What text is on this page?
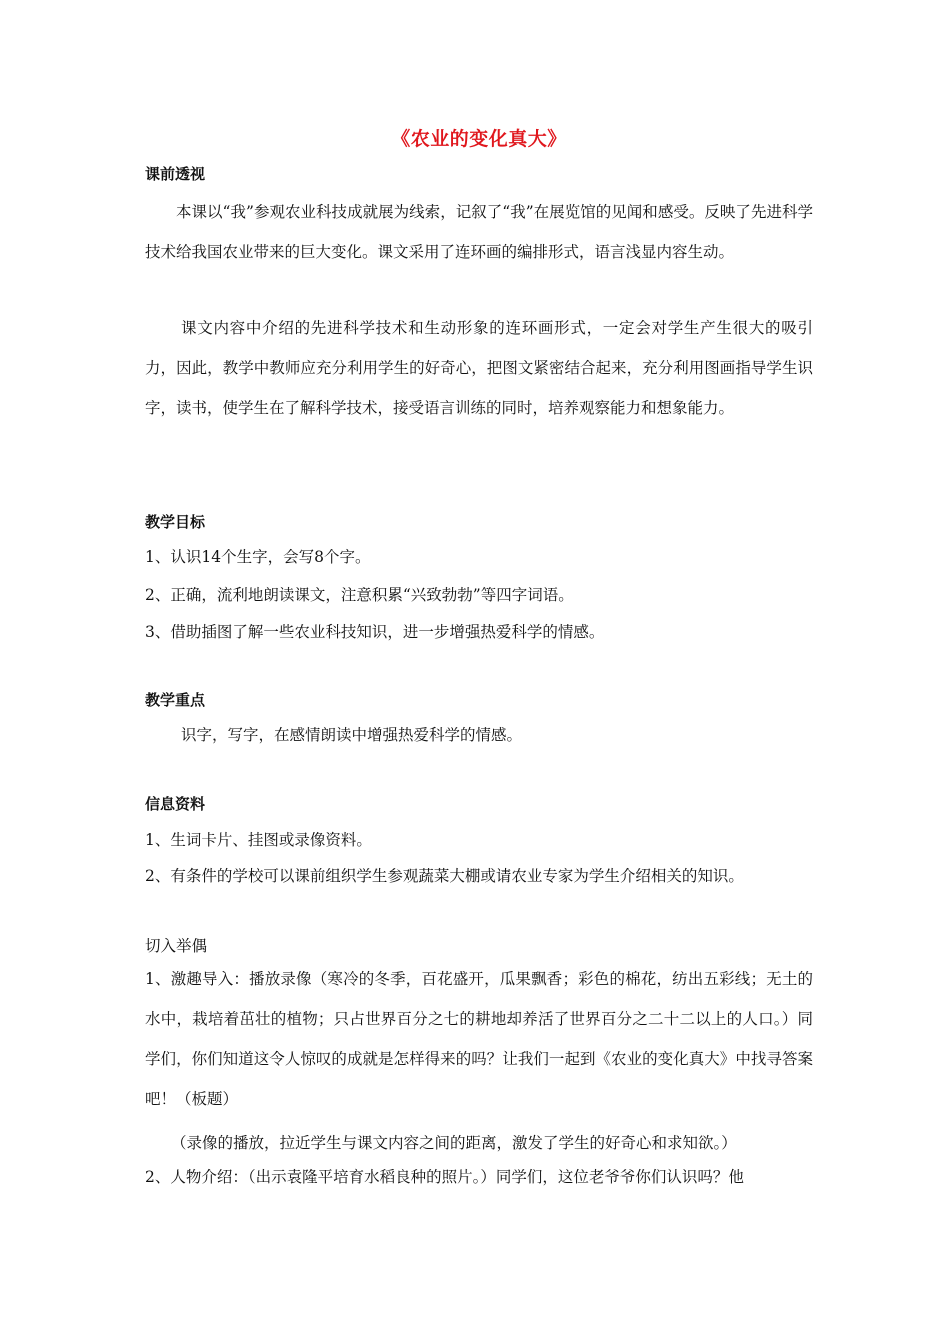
《农业的变化真大》
课前透视

本课以“我”参观农业科技成就展为线索，记叙了“我”在展览馆的见闻和感受。反映了先进科学技术给我国农业带来的巨大变化。课文采用了连环画的编排形式，语言浅显内容生动。

课文内容中介绍的先进科学技术和生动形象的连环画形式，一定会对学生产生很大的吸引力，因此，教学中教师应充分利用学生的好奇心，把图文紧密结合起来，充分利用图画指导学生识字，读书，使学生在了解科学技术，接受语言训练的同时，培养观察能力和想象能力。

教学目标
1、认识14个生字，会写8个字。
2、正确，流利地朗读课文，注意积累“兴致勃勃”等四字词语。
3、借助插图了解一些农业科技知识，进一步增强热爱科学的情感。
教学重点
识字，写字，在感情朗读中增强热爱科学的情感。
信息资料
1、生词卡片、挂图或录像资料。
2、有条件的学校可以课前组织学生参观蔬菜大棚或请农业专家为学生介绍相关的知识。
切入举偶

1、激趣导入：播放录像（寒冷的冬季，百花盛开，瓜果飘香；彩色的棉花，纺出五彩线；无土的水中，栽培着茁壮的植物；只占世界百分之七的耕地却养活了世界百分之二十二以上的人口。）同学们，你们知道这令人惊叹的成就是怎样得来的吗？让我们一起到《农业的变化真大》中找寻答案吧！（板题）

（录像的播放，拉近学生与课文内容之间的距离，激发了学生的好奇心和求知欲。）

2、人物介绍：（出示袁隆平培育水稻良种的照片。）同学们，这位老爷爷你们认识吗？他
